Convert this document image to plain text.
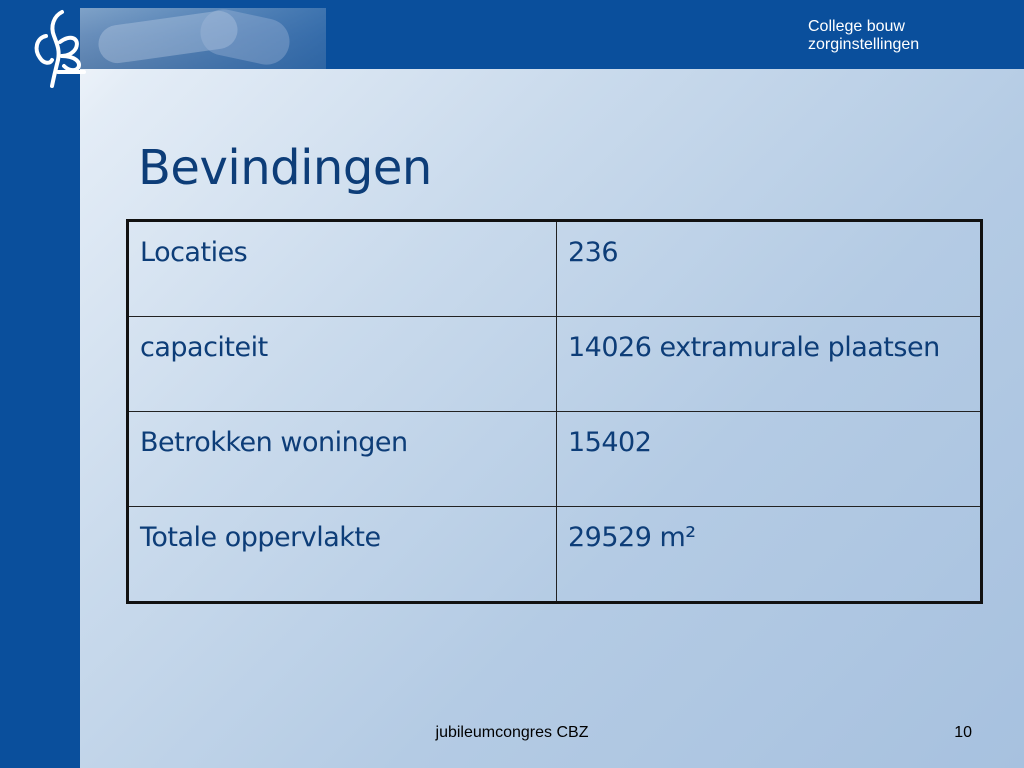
College bouw
zorginstellingen
Bevindingen
Locaties	236
capaciteit	14026 extramurale plaatsen
Betrokken woningen	15402
Totale oppervlakte	29529 m²
jubileumcongres CBZ	10
